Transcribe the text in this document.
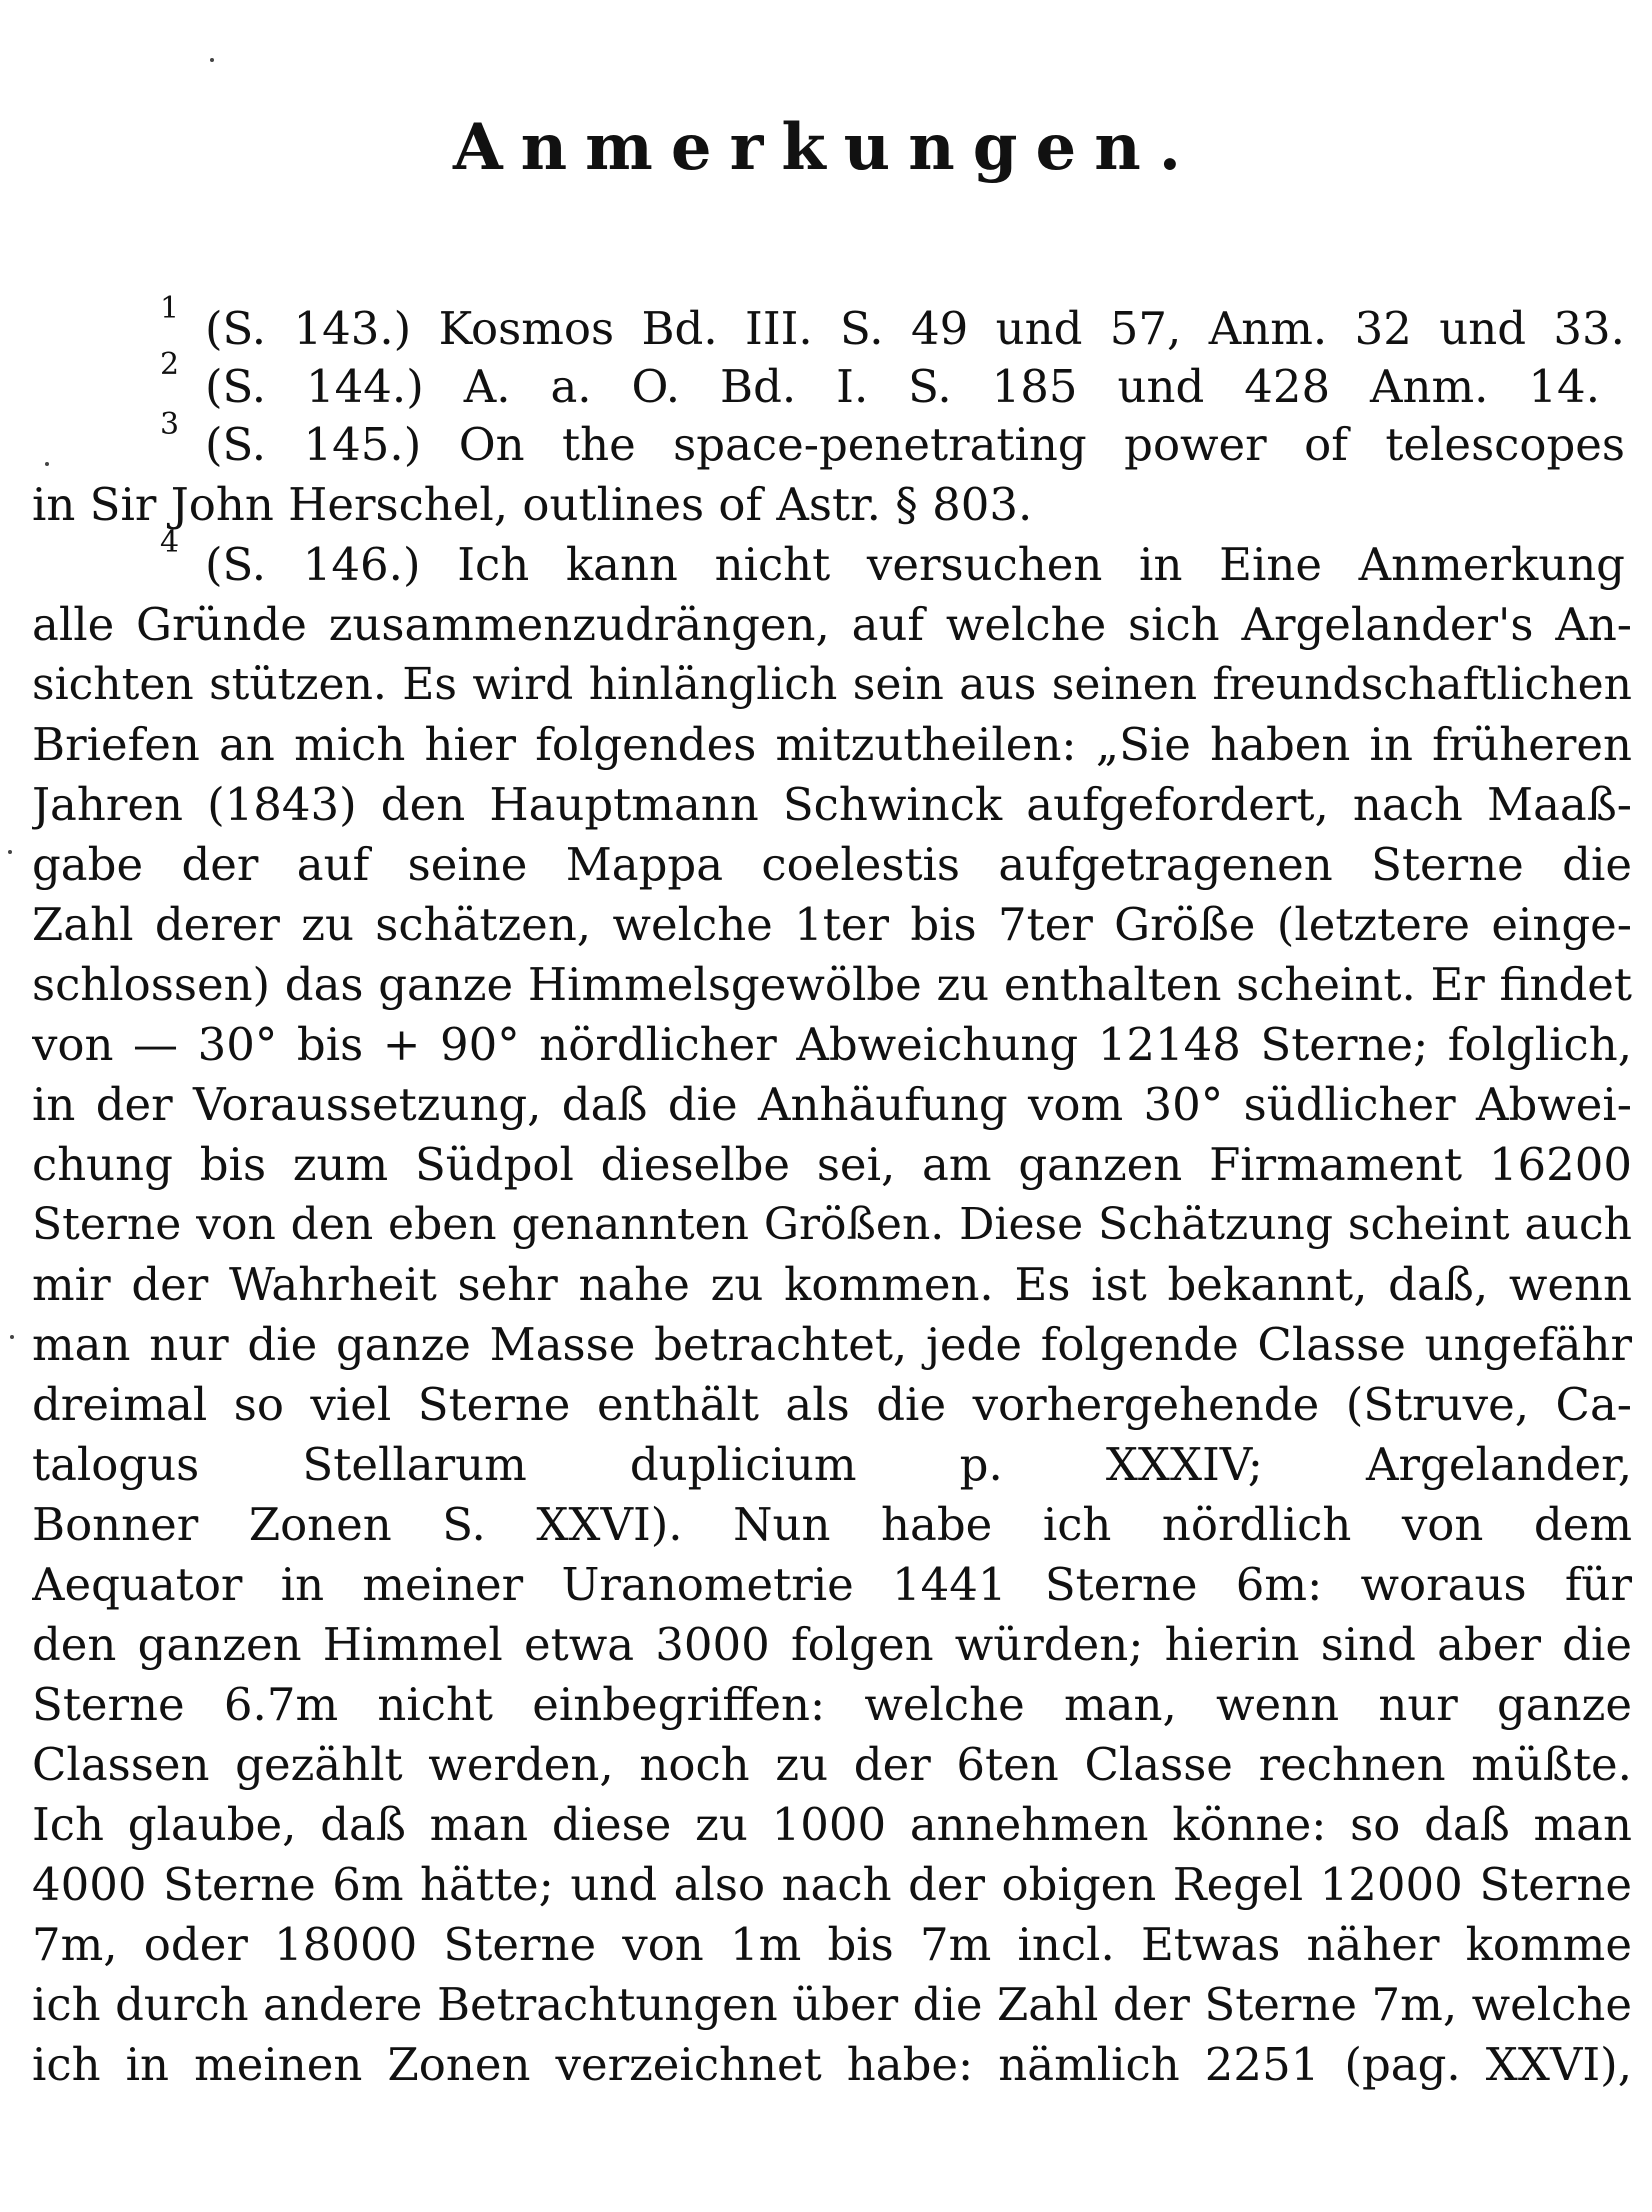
Anmerkungen.
1
2
3
4
(S. 143.) Kosmos Bd. III. S. 49 und 57, Anm. 32 und 33.
(S. 144.) A. a. O. Bd. I. S. 185 und 428 Anm. 14.
(S. 145.) On the space-penetrating power of telescopes
in Sir John Herschel, outlines of Astr. § 803.
(S. 146.) Ich kann nicht versuchen in Eine Anmerkung
alle Gründe zusammenzudrängen, auf welche sich Argelander's An-
sichten stützen. Es wird hinlänglich sein aus seinen freundschaftlichen
Briefen an mich hier folgendes mitzutheilen: „Sie haben in früheren
Jahren (1843) den Hauptmann Schwinck aufgefordert, nach Maaß-
gabe der auf seine Mappa coelestis aufgetragenen Sterne die
Zahl derer zu schätzen, welche 1ter bis 7ter Größe (letztere einge-
schlossen) das ganze Himmelsgewölbe zu enthalten scheint. Er findet
von — 30° bis + 90° nördlicher Abweichung 12148 Sterne; folglich,
in der Voraussetzung, daß die Anhäufung vom 30° südlicher Abwei-
chung bis zum Südpol dieselbe sei, am ganzen Firmament 16200
Sterne von den eben genannten Größen. Diese Schätzung scheint auch
mir der Wahrheit sehr nahe zu kommen. Es ist bekannt, daß, wenn
man nur die ganze Masse betrachtet, jede folgende Classe ungefähr
dreimal so viel Sterne enthält als die vorhergehende (Struve, Ca-
talogus Stellarum duplicium p. XXXIV; Argelander,
Bonner Zonen S. XXVI). Nun habe ich nördlich von dem
Aequator in meiner Uranometrie 1441 Sterne 6m: woraus für
den ganzen Himmel etwa 3000 folgen würden; hierin sind aber die
Sterne 6.7m nicht einbegriffen: welche man, wenn nur ganze
Classen gezählt werden, noch zu der 6ten Classe rechnen müßte.
Ich glaube, daß man diese zu 1000 annehmen könne: so daß man
4000 Sterne 6m hätte; und also nach der obigen Regel 12000 Sterne
7m, oder 18000 Sterne von 1m bis 7m incl. Etwas näher komme
ich durch andere Betrachtungen über die Zahl der Sterne 7m, welche
ich in meinen Zonen verzeichnet habe: nämlich 2251 (pag. XXVI),
